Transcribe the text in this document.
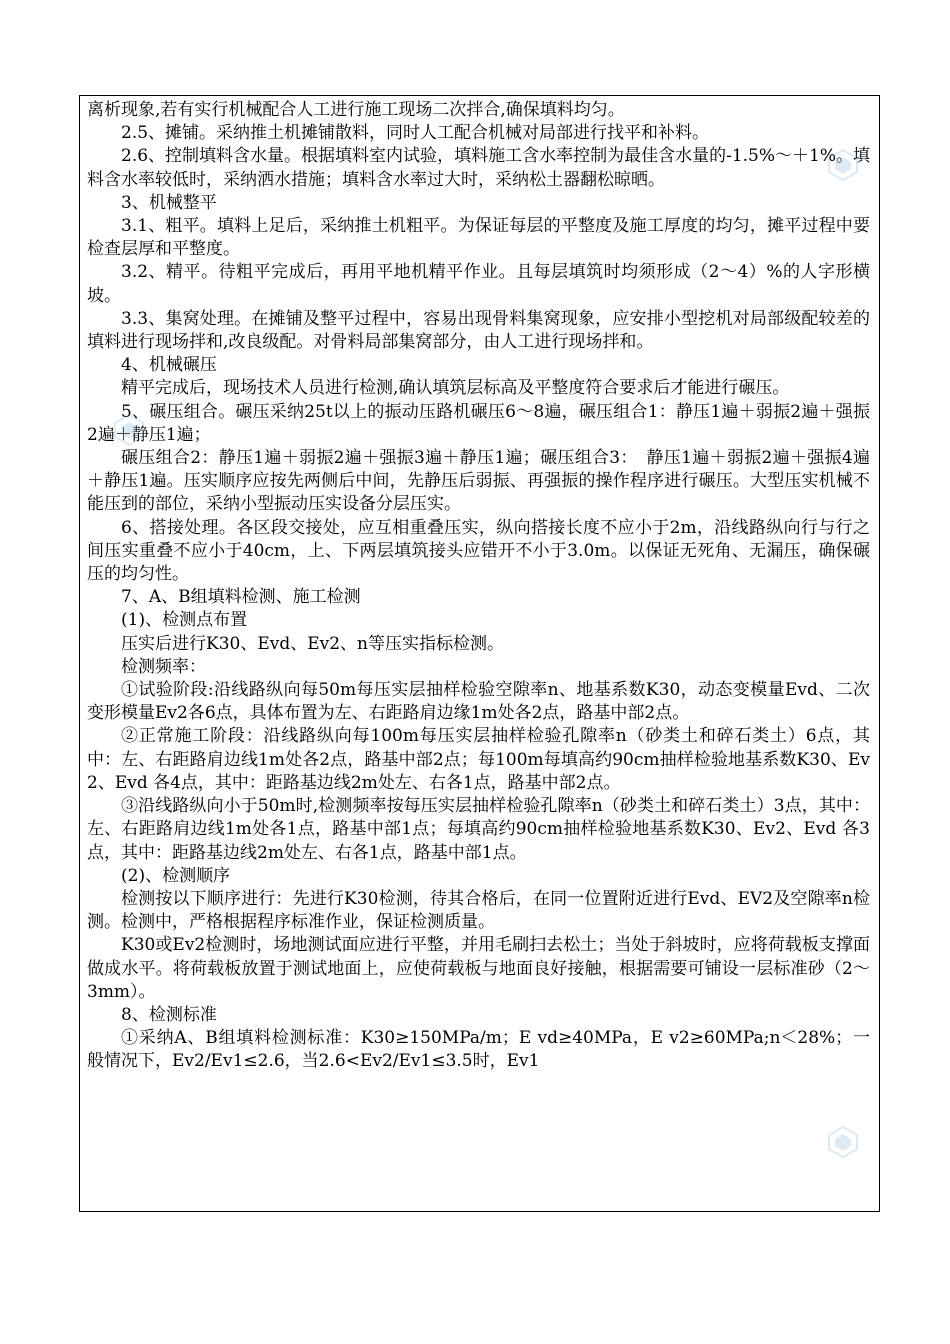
离析现象,若有实行机械配合人工进行施工现场二次拌合,确保填料均匀。

2.5、摊铺。采纳推土机摊铺散料，同时人工配合机械对局部进行找平和补料。

2.6、控制填料含水量。根据填料室内试验，填料施工含水率控制为最佳含水量的-1.5%～＋1%。填料含水率较低时，采纳洒水措施；填料含水率过大时，采纳松土器翻松晾晒。

3、机械整平

3.1、粗平。填料上足后，采纳推土机粗平。为保证每层的平整度及施工厚度的均匀，摊平过程中要检查层厚和平整度。

3.2、精平。待粗平完成后，再用平地机精平作业。且每层填筑时均须形成（2～4）%的人字形横坡。

3.3、集窝处理。在摊铺及整平过程中，容易出现骨料集窝现象，应安排小型挖机对局部级配较差的填料进行现场拌和,改良级配。对骨料局部集窝部分，由人工进行现场拌和。

4、机械碾压

精平完成后，现场技术人员进行检测,确认填筑层标高及平整度符合要求后才能进行碾压。

5、碾压组合。碾压采纳25t以上的振动压路机碾压6～8遍，碾压组合1：静压1遍＋弱振2遍＋强振2遍＋静压1遍；

碾压组合2：静压1遍＋弱振2遍＋强振3遍＋静压1遍；碾压组合3：　静压1遍＋弱振2遍＋强振4遍＋静压1遍。压实顺序应按先两侧后中间，先静压后弱振、再强振的操作程序进行碾压。大型压实机械不能压到的部位，采纳小型振动压实设备分层压实。

6、搭接处理。各区段交接处，应互相重叠压实，纵向搭接长度不应小于2m，沿线路纵向行与行之间压实重叠不应小于40cm，上、下两层填筑接头应错开不小于3.0m。以保证无死角、无漏压，确保碾压的均匀性。

7、A、B组填料检测、施工检测

(1)、检测点布置

压实后进行K30、Evd、Ev2、n等压实指标检测。

检测频率：

①试验阶段:沿线路纵向每50m每压实层抽样检验空隙率n、地基系数K30，动态变模量Evd、二次变形模量Ev2各6点，具体布置为左、右距路肩边缘1m处各2点，路基中部2点。

②正常施工阶段：沿线路纵向每100m每压实层抽样检验孔隙率n（砂类土和碎石类土）6点，其中：左、右距路肩边线1m处各2点，路基中部2点；每100m每填高约90cm抽样检验地基系数K30、Ev2、Evd 各4点，其中：距路基边线2m处左、右各1点，路基中部2点。

③沿线路纵向小于50m时,检测频率按每压实层抽样检验孔隙率n（砂类土和碎石类土）3点，其中：左、右距路肩边线1m处各1点，路基中部1点；每填高约90cm抽样检验地基系数K30、Ev2、Evd 各3点，其中：距路基边线2m处左、右各1点，路基中部1点。

(2)、检测顺序

检测按以下顺序进行：先进行K30检测，待其合格后，在同一位置附近进行Evd、EV2及空隙率n检测。检测中，严格根据程序标准作业，保证检测质量。

K30或Ev2检测时，场地测试面应进行平整，并用毛刷扫去松土；当处于斜坡时，应将荷载板支撑面做成水平。将荷载板放置于测试地面上，应使荷载板与地面良好接触，根据需要可铺设一层标准砂（2～3mm）。

8、检测标准

①采纳A、B组填料检测标准：K30≥150MPa/m；E vd≥40MPa，E v2≥60MPa;n＜28%；一般情况下，Ev2/Ev1≤2.6，当2.6<Ev2/Ev1≤3.5时，Ev1
